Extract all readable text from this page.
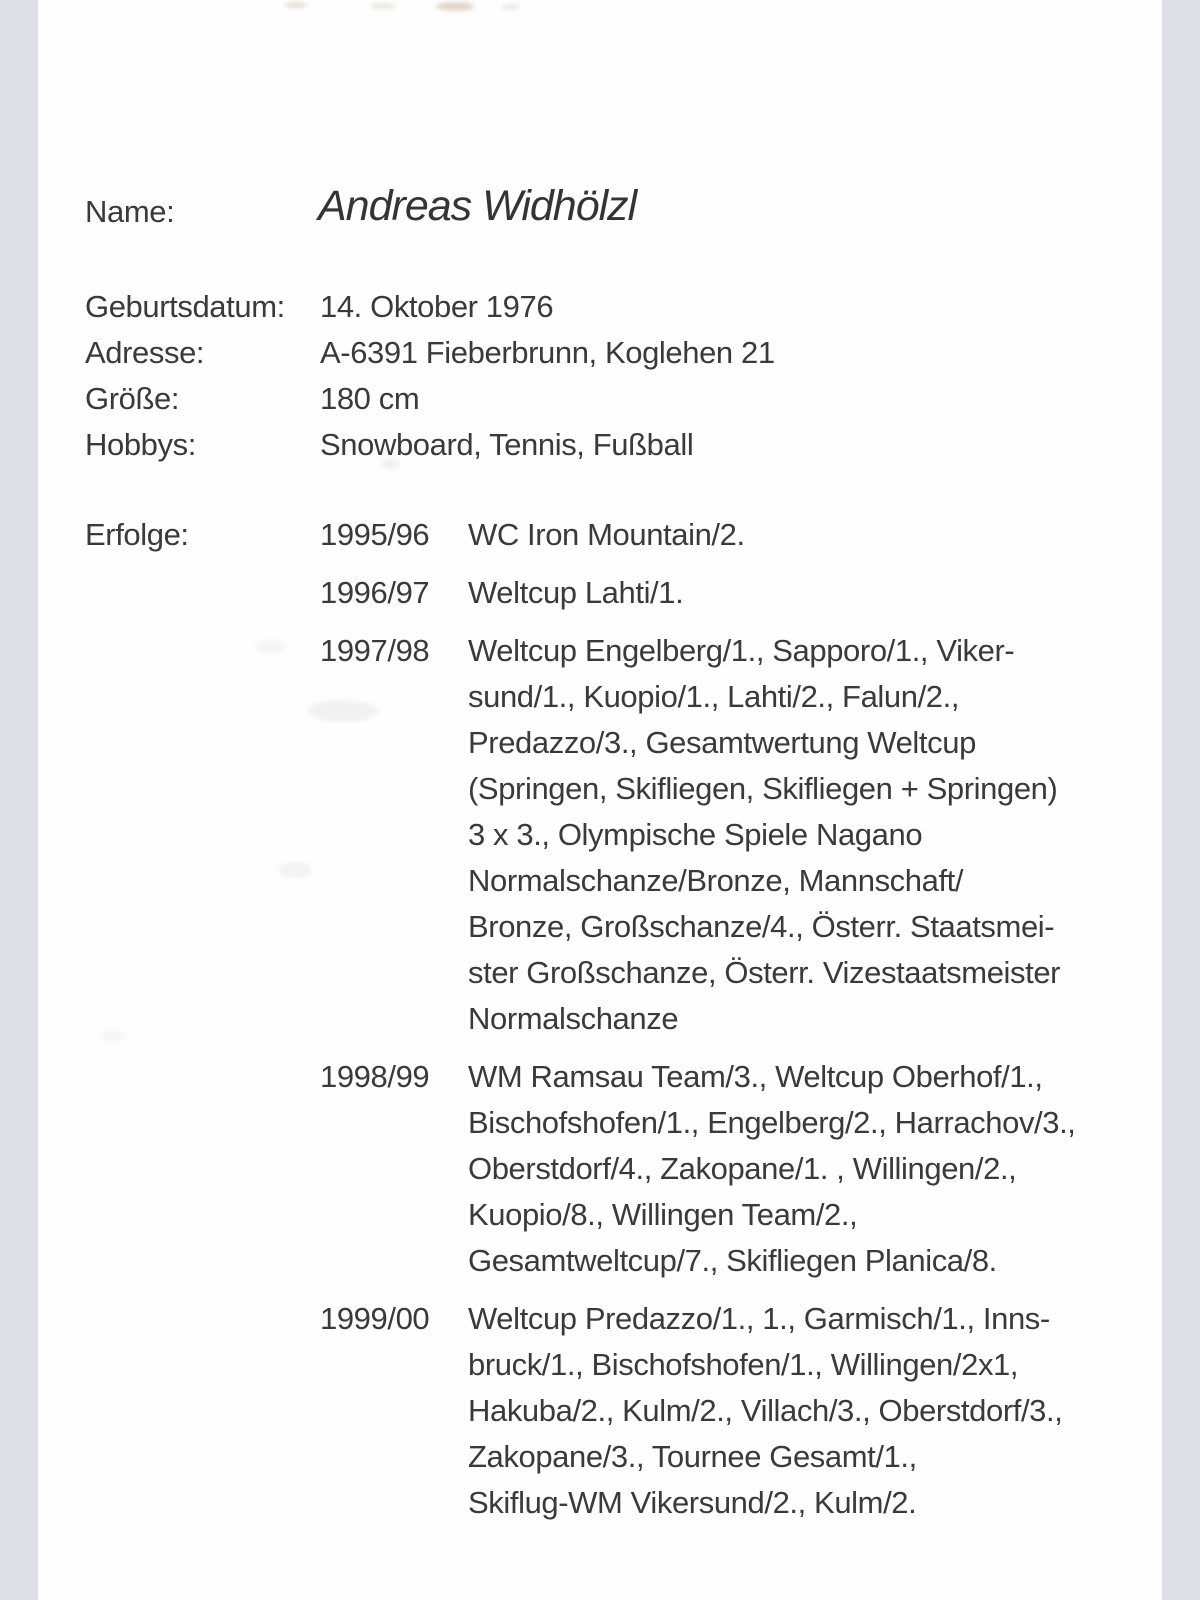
Name:	Andreas Widhölzl
Geburtsdatum: 14. Oktober 1976
Adresse:	A-6391 Fieberbrunn, Koglehen 21
Größe:	180 cm
Hobbys:	Snowboard, Tennis, Fußball
Erfolge:	1995/96 WC Iron Mountain/2.
1996/97 Weltcup Lahti/1.
1997/98 Weltcup Engelberg/1., Sapporo/1., Viker-
sund/1., Kuopio/1., Lahti/2., Falun/2.,
Predazzo/3., Gesamtwertung Weltcup
(Springen, Skifliegen, Skifliegen + Springen)
3 x 3., Olympische Spiele Nagano
Normalschanze/Bronze, Mannschaft/
Bronze, Großschanze/4., Österr. Staatsmei-
ster Großschanze, Österr. Vizestaatsmeister
Normalschanze
1998/99 WM Ramsau Team/3., Weltcup Oberhof/1.,
Bischofshofen/1., Engelberg/2., Harrachov/3.,
Oberstdorf/4., Zakopane/1. , Willingen/2.,
Kuopio/8., Willingen Team/2.,
Gesamtweltcup/7., Skifliegen Planica/8.
1999/00 Weltcup Predazzo/1., 1., Garmisch/1., Inns-
bruck/1., Bischofshofen/1., Willingen/2x1,
Hakuba/2., Kulm/2., Villach/3., Oberstdorf/3.,
Zakopane/3., Tournee Gesamt/1.,
Skiflug-WM Vikersund/2., Kulm/2.
